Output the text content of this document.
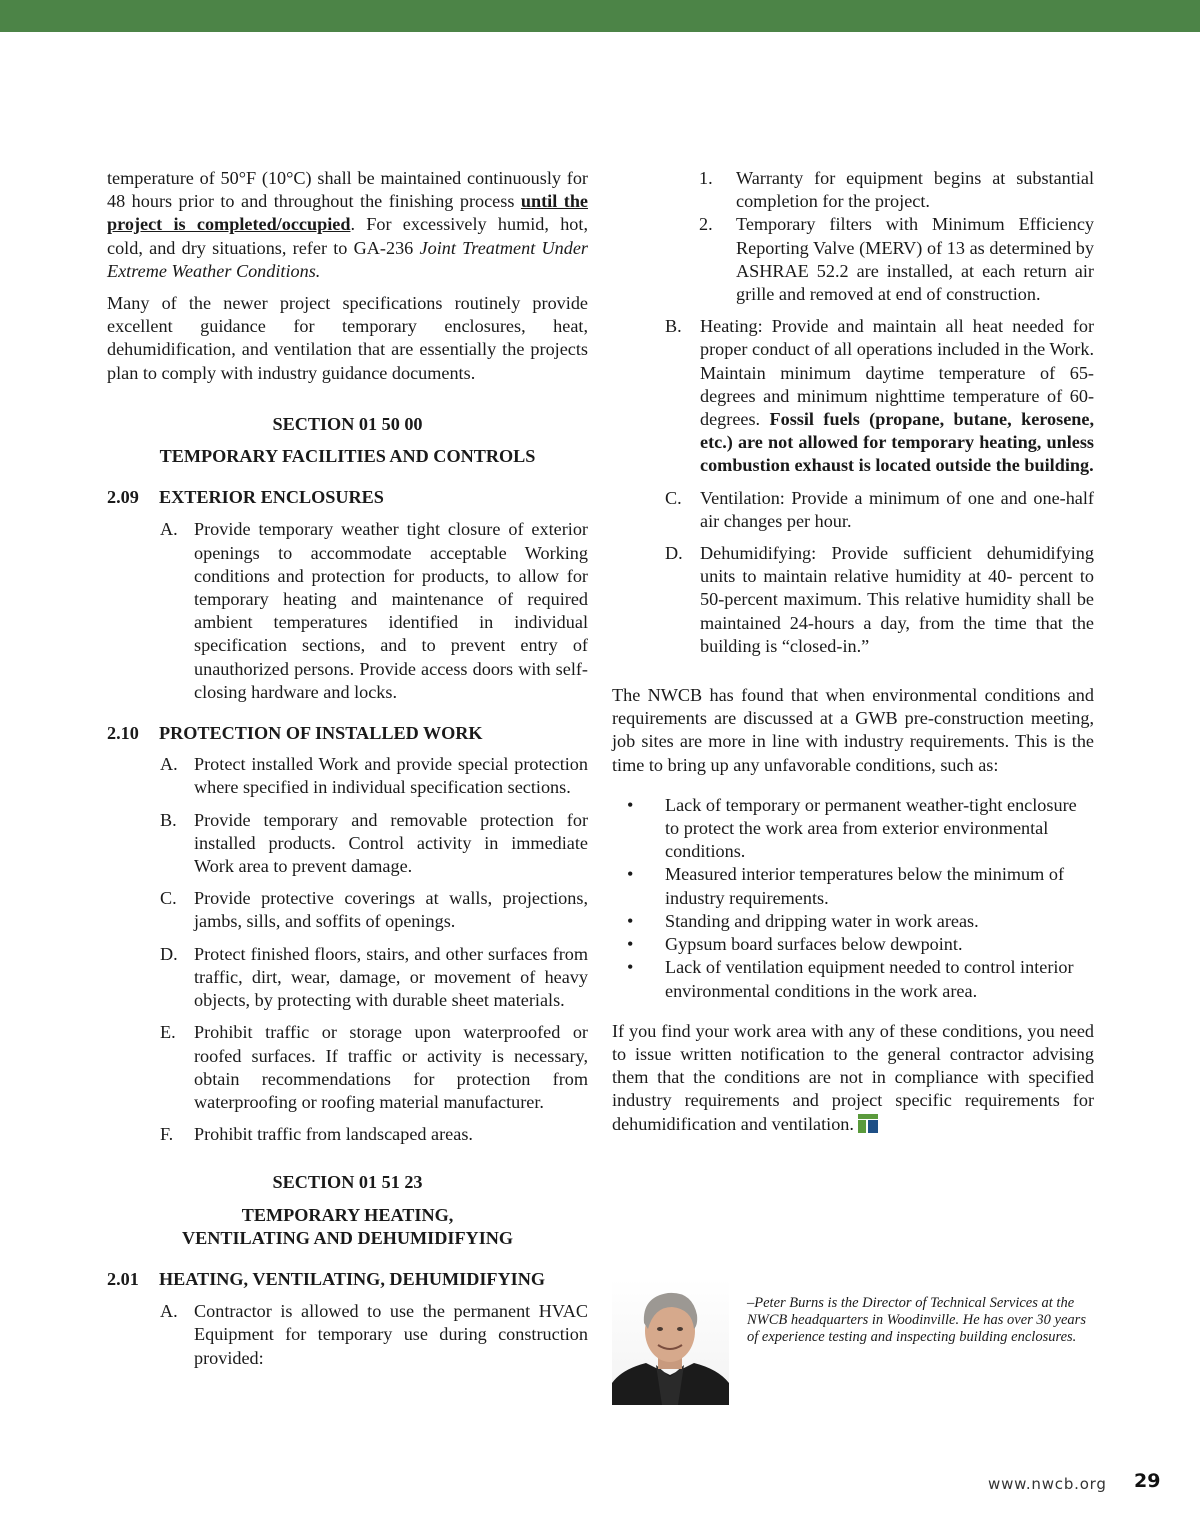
temperature of 50°F (10°C) shall be maintained continuously for 48 hours prior to and throughout the finishing process until the project is completed/occupied. For excessively humid, hot, cold, and dry situations, refer to GA-236 Joint Treatment Under Extreme Weather Conditions.

Many of the newer project specifications routinely provide excellent guidance for temporary enclosures, heat, dehumidification, and ventilation that are essentially the projects plan to comply with industry guidance documents.

SECTION 01 50 00

TEMPORARY FACILITIES AND CONTROLS

2.09	EXTERIOR ENCLOSURES
A. Provide temporary weather tight closure of exterior openings to accommodate acceptable Working conditions and protection for products, to allow for temporary heating and maintenance of required ambient temperatures identified in individual specification sections, and to prevent entry of unauthorized persons. Provide access doors with self-closing hardware and locks.
2.10	PROTECTION OF INSTALLED WORK
A. Protect installed Work and provide special protection where specified in individual specification sections.
B. Provide temporary and removable protection for installed products. Control activity in immediate Work area to prevent damage.
C. Provide protective coverings at walls, projections, jambs, sills, and soffits of openings.
D. Protect finished floors, stairs, and other surfaces from traffic, dirt, wear, damage, or movement of heavy objects, by protecting with durable sheet materials.
E.	Prohibit traffic or storage upon waterproofed or roofed surfaces. If traffic or activity is necessary, obtain recommendations for protection from waterproofing or roofing material manufacturer.
F.	Prohibit traffic from landscaped areas.

SECTION 01 51 23

TEMPORARY HEATING,

VENTILATING AND DEHUMIDIFYING

2.01	HEATING, VENTILATING, DEHUMIDIFYING
A. Contractor is allowed to use the permanent HVAC Equipment for temporary use during construction provided:
1.	Warranty for equipment begins at substantial completion for the project.
2.	Temporary filters with Minimum Efficiency Reporting Valve (MERV) of 13 as determined by ASHRAE 52.2 are installed, at each return air grille and removed at end of construction.
B.	Heating: Provide and maintain all heat needed for proper conduct of all operations included in the Work. Maintain minimum daytime temperature of 65-degrees and minimum nighttime temperature of 60-degrees. Fossil fuels (propane, butane, kerosene, etc.) are not allowed for temporary heating, unless combustion exhaust is located outside the building.
C.	Ventilation: Provide a minimum of one and one-half air changes per hour.
D. Dehumidifying: Provide sufficient dehumidifying units to maintain relative humidity at 40- percent to 50-percent maximum. This relative humidity shall be maintained 24-hours a day, from the time that the building is “closed-in.”

The NWCB has found that when environmental conditions and requirements are discussed at a GWB pre-construction meeting, job sites are more in line with industry requirements. This is the time to bring up any unfavorable conditions, such as:

•	Lack of temporary or permanent weather-tight enclosure to protect the work area from exterior environmental conditions.
•	Measured interior temperatures below the minimum of industry requirements.
•	Standing and dripping water in work areas.
•	Gypsum board surfaces below dewpoint.
•	Lack of ventilation equipment needed to control interior environmental conditions in the work area.

If you find your work area with any of these conditions, you need to issue written notification to the general contractor advising them that the conditions are not in compliance with specified industry requirements and project specific requirements for dehumidification and ventilation.

–Peter Burns is the Director of Technical Services at the NWCB headquarters in Woodinville. He has over 30 years of experience testing and inspecting building enclosures.

www.nwcb.org 29
